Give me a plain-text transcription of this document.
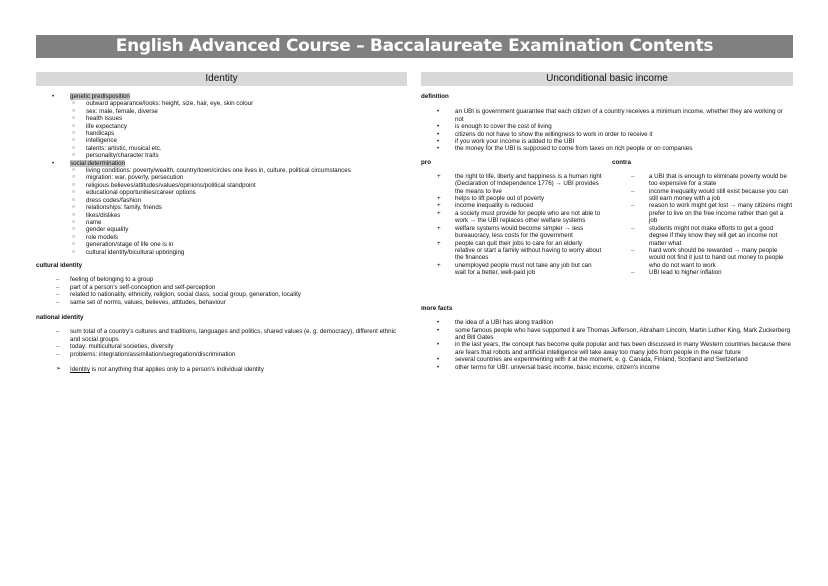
English Advanced Course – Baccalaureate Examination Contents
Identity	Unconditional basic income
•	genetic predisposition
○ outward appearance/looks: height, size, hair, eye, skin colour
○ sex: male, female, diverse
○ health issues
○ life expectancy
○ handicaps
○ intelligence
○ talents: artistic, musical etc.
○ personality/character traits
•	social determination
○ living conditions: poverty/wealth, country/town/circles one lives in, culture, political circumstances
○ migration: war, poverty, persecution
○ religious believes/attitudes/values/opinions/political standpoint
○ educational opportunities/career options
○ dress codes/fashion
○ relationships: family, friends
○ likes/dislikes
○ name
○ gender equality
○ role models
○ generation/stage of life one is in
○ cultural identity/bicultural upbringing
cultural identity
– feeling of belonging to a group
– part of a person's self-conception and self-perception
– related to nationality, ethnicity, religion, social class, social group, generation, locality
– same set of norms, values, believes, attitudes, behaviour
national identity
– sum total of a country's cultures and traditions, languages and politics, shared values (e. g. democracy), different ethnic and social groups
– today: multicultural societies, diversity
– problems: integration/assimilation/segregation/discrimination
➢ Identity is not anything that applies only to a person's individual identity
definition
• an UBI is government guarantee that each citizen of a country receives a minimum income, whether they are working or not
• is enough to cover the cost of living
• citizens do not have to show the willingness to work in order to receive it
• if you work your income is added to the UBI
• the money for the UBI is supposed to come from taxes on rich people or on companies
pro	contra
+ the right to life, liberty and happiness is a human right (Declaration of Independence 1776) → UBI provides the means to live
+ helps to lift people out of poverty
+ income inequality is reduced
+ a society must provide for people who are not able to work → the UBI replaces other welfare systems
+ welfare systems would become simpler → less bureaucracy, less costs for the government
+ people can quit their jobs to care for an elderly relative or start a family without having to worry about the finances
+ unemployed people must not take any job but can wait for a better, well-paid job
– a UBI that is enough to eliminate poverty would be too expensive for a state
– income inequality would still exist because you can still earn money with a job
– reason to work might get lost → many citizens might prefer to live on the free income rather than get a job
– students might not make efforts to get a good degree if they know they will get an income not matter what
– hard work should be rewarded → many people would not find it just to hand out money to people who do not want to work
– UBI lead to higher inflation
more facts
• the idea of a UBI has along tradition
• some famous people who have supported it are Thomas Jefferson, Abraham Lincoln, Martin Luther King, Mark Zuckerberg and Bill Gates
• in the last years, the concept has become quite popular and has been discussed in many Western countries because there are fears that robots and artificial intelligence will take away too many jobs from people in the near future
• several countries are experimenting with it at the moment, e. g. Canada, Finland, Scotland and Switzerland
• other terms for UBI: universal basic income, basic income, citizen's income
